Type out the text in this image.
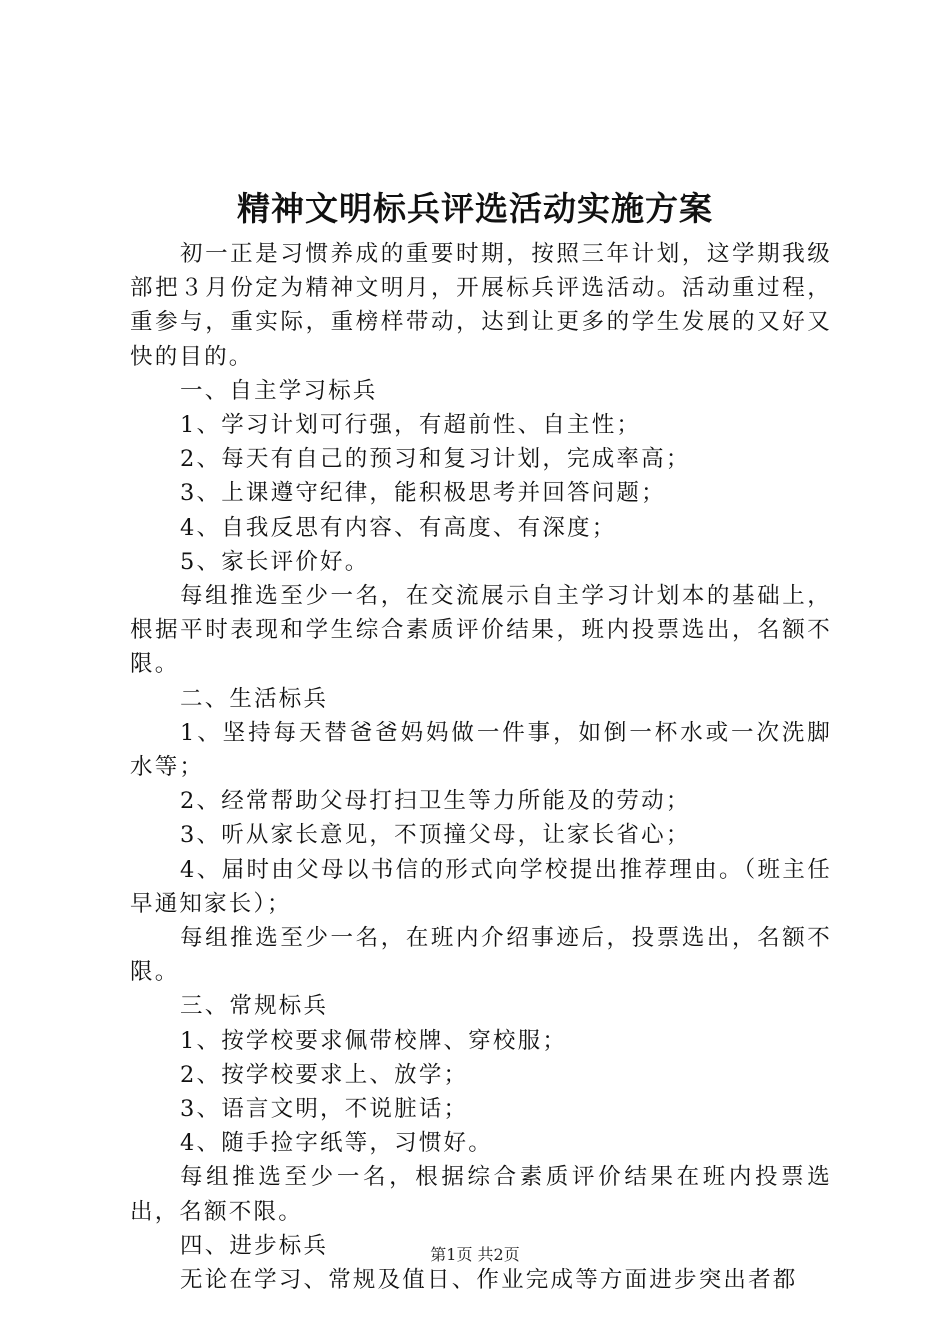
精神文明标兵评选活动实施方案

初一正是习惯养成的重要时期，按照三年计划，这学期我级部把３月份定为精神文明月，开展标兵评选活动。活动重过程，重参与，重实际，重榜样带动，达到让更多的学生发展的又好又快的目的。

一、自主学习标兵

1、学习计划可行强，有超前性、自主性；

2、每天有自己的预习和复习计划，完成率高；

3、上课遵守纪律，能积极思考并回答问题；

4、自我反思有内容、有高度、有深度；

5、家长评价好。

每组推选至少一名，在交流展示自主学习计划本的基础上，根据平时表现和学生综合素质评价结果，班内投票选出，名额不限。

二、生活标兵

1、坚持每天替爸爸妈妈做一件事，如倒一杯水或一次洗脚水等；

2、经常帮助父母打扫卫生等力所能及的劳动；

3、听从家长意见，不顶撞父母，让家长省心；

4、届时由父母以书信的形式向学校提出推荐理由。（班主任早通知家长）；

每组推选至少一名，在班内介绍事迹后，投票选出，名额不限。

三、常规标兵

1、按学校要求佩带校牌、穿校服；

2、按学校要求上、放学；

3、语言文明，不说脏话；

4、随手捡字纸等，习惯好。

每组推选至少一名，根据综合素质评价结果在班内投票选出，名额不限。

四、进步标兵

无论在学习、常规及值日、作业完成等方面进步突出者都

第1页 共2页
